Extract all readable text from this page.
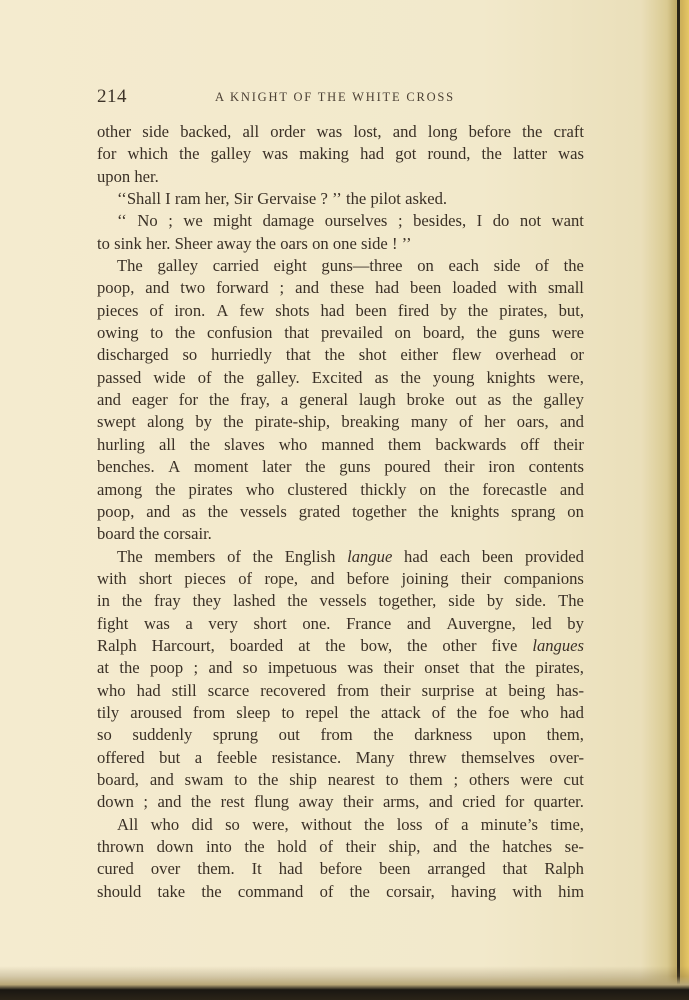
214	A KNIGHT OF THE WHITE CROSS
other side backed, all order was lost, and long before the craft
for which the galley was making had got round, the latter was
upon her.
‘‘Shall I ram her, Sir Gervaise ? ’’ the pilot asked.
‘‘ No ; we might damage ourselves ; besides, I do not want
to sink her. Sheer away the oars on one side ! ’’
The galley carried eight guns—three on each side of the
poop, and two forward ; and these had been loaded with small
pieces of iron. A few shots had been fired by the pirates, but,
owing to the confusion that prevailed on board, the guns were
discharged so hurriedly that the shot either flew overhead or
passed wide of the galley. Excited as the young knights were,
and eager for the fray, a general laugh broke out as the galley
swept along by the pirate-ship, breaking many of her oars, and
hurling all the slaves who manned them backwards off their
benches. A moment later the guns poured their iron contents
among the pirates who clustered thickly on the forecastle and
poop, and as the vessels grated together the knights sprang on
board the corsair.
The members of the English langue had each been provided
with short pieces of rope, and before joining their companions
in the fray they lashed the vessels together, side by side. The
fight was a very short one. France and Auvergne, led by
Ralph Harcourt, boarded at the bow, the other five langues
at the poop ; and so impetuous was their onset that the pirates,
who had still scarce recovered from their surprise at being has-
tily aroused from sleep to repel the attack of the foe who had
so suddenly sprung out from the darkness upon them,
offered but a feeble resistance. Many threw themselves over-
board, and swam to the ship nearest to them ; others were cut
down ; and the rest flung away their arms, and cried for quarter.
All who did so were, without the loss of a minute’s time,
thrown down into the hold of their ship, and the hatches se-
cured over them. It had before been arranged that Ralph
should take the command of the corsair, having with him
